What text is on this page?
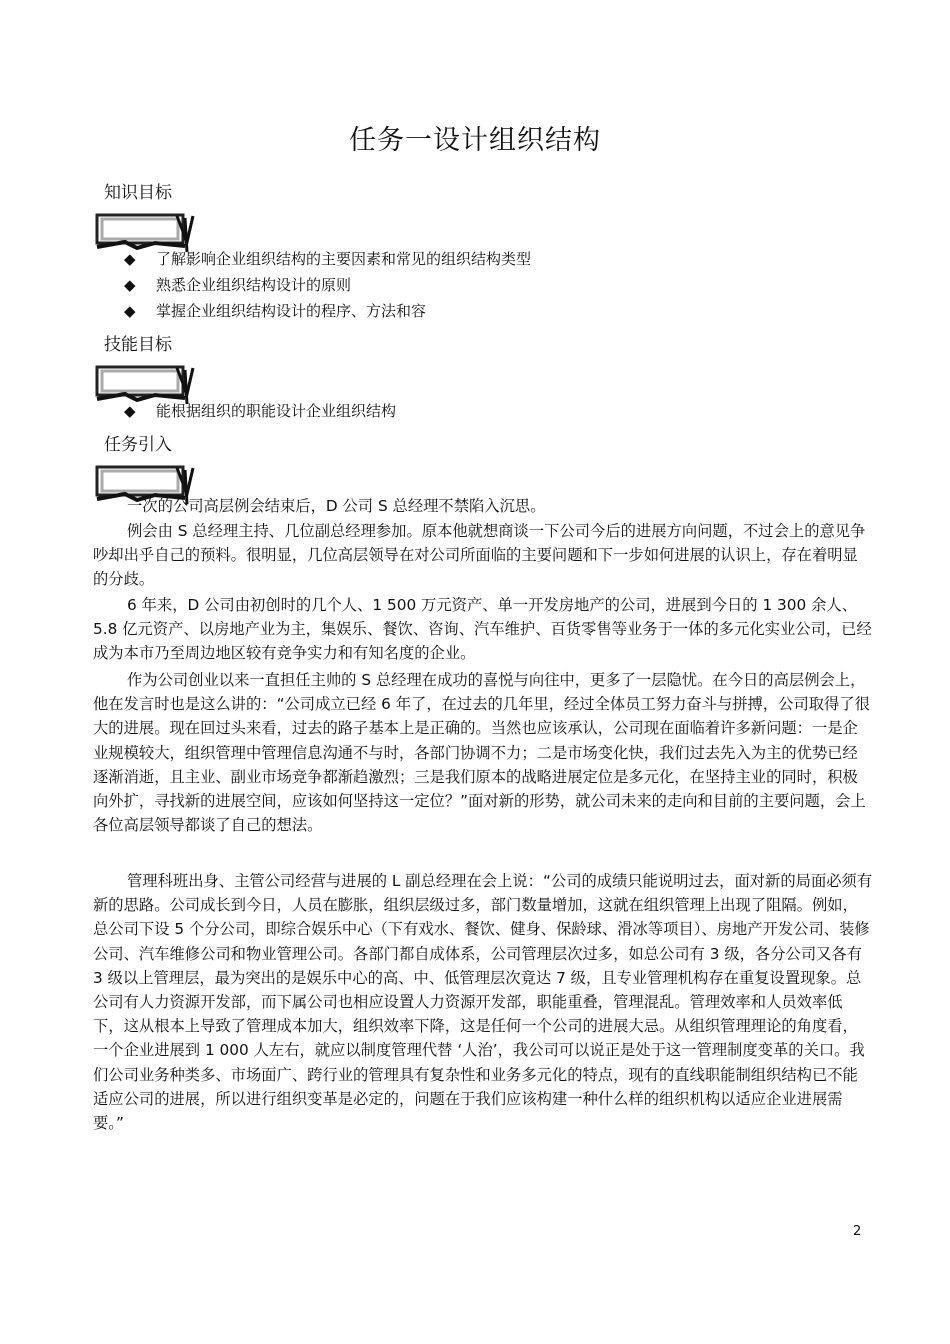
任务一设计组织结构
知识目标
◆ 了解影响企业组织结构的主要因素和常见的组织结构类型
◆ 熟悉企业组织结构设计的原则
◆ 掌握企业组织结构设计的程序、方法和容
技能目标
◆ 能根据组织的职能设计企业组织结构
任务引入

一次的公司高层例会结束后，D 公司 S 总经理不禁陷入沉思。

例会由 S 总经理主持、几位副总经理参加。原本他就想商谈一下公司今后的进展方向问题，不过会上的意见争吵却出乎自己的预料。很明显，几位高层领导在对公司所面临的主要问题和下一步如何进展的认识上，存在着明显的分歧。

6 年来，D 公司由初创时的几个人、1 500 万元资产、单一开发房地产的公司，进展到今日的 1 300 余人、5.8 亿元资产、以房地产业为主，集娱乐、餐饮、咨询、汽车维护、百货零售等业务于一体的多元化实业公司，已经成为本市乃至周边地区较有竞争实力和有知名度的企业。

作为公司创业以来一直担任主帅的 S 总经理在成功的喜悦与向往中，更多了一层隐忧。在今日的高层例会上，他在发言时也是这么讲的：“公司成立已经 6 年了，在过去的几年里，经过全体员工努力奋斗与拼搏，公司取得了很大的进展。现在回过头来看，过去的路子基本上是正确的。当然也应该承认，公司现在面临着许多新问题：一是企业规模较大，组织管理中管理信息沟通不与时，各部门协调不力；二是市场变化快，我们过去先入为主的优势已经逐渐消逝，且主业、副业市场竞争都渐趋激烈；三是我们原本的战略进展定位是多元化，在坚持主业的同时，积极向外扩，寻找新的进展空间，应该如何坚持这一定位？”面对新的形势，就公司未来的走向和目前的主要问题，会上各位高层领导都谈了自己的想法。

管理科班出身、主管公司经营与进展的 L 副总经理在会上说：“公司的成绩只能说明过去，面对新的局面必须有新的思路。公司成长到今日，人员在膨胀，组织层级过多，部门数量增加，这就在组织管理上出现了阻隔。例如，总公司下设 5 个分公司，即综合娱乐中心（下有戏水、餐饮、健身、保龄球、滑冰等项目）、房地产开发公司、装修公司、汽车维修公司和物业管理公司。各部门都自成体系，公司管理层次过多，如总公司有 3 级，各分公司又各有 3 级以上管理层，最为突出的是娱乐中心的高、中、低管理层次竟达 7 级，且专业管理机构存在重复设置现象。总公司有人力资源开发部，而下属公司也相应设置人力资源开发部，职能重叠，管理混乱。管理效率和人员效率低下，这从根本上导致了管理成本加大，组织效率下降，这是任何一个公司的进展大忌。从组织管理理论的角度看，一个企业进展到 1 000 人左右，就应以制度管理代替 ‘人治’，我公司可以说正是处于这一管理制度变革的关口。我们公司业务种类多、市场面广、跨行业的管理具有复杂性和业务多元化的特点，现有的直线职能制组织结构已不能适应公司的进展，所以进行组织变革是必定的，问题在于我们应该构建一种什么样的组织机构以适应企业进展需要。”

2
